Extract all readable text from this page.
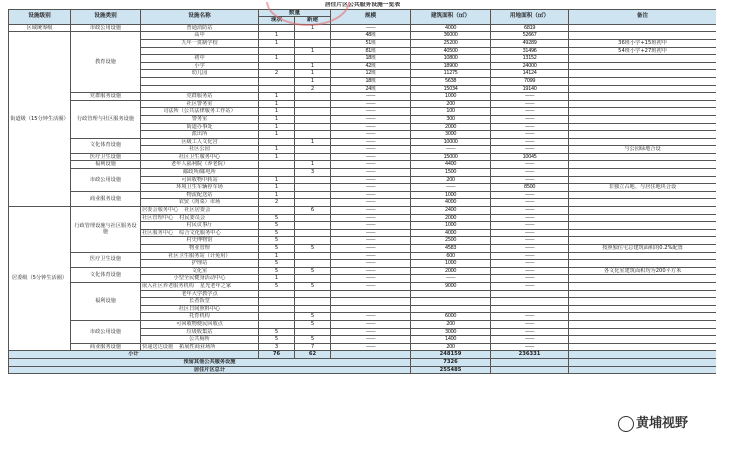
居住片区公共服务设施一览表								
设施级别	设施类别	设施名称	数量		规模	建筑面积（㎡）	用地面积（㎡）	备注
			现状	新建				
区域统筹级	市政公用设施	普通消防站		1	——	4000	6819	
街道级（15分钟生活圈）	教育设施	高中	1		48班	36000	52667	
		九年一贯制学校	1		51班	25200	49289	36班小学+15班初中
				1	81班	40500	31496	54班小学+27班初中
		初中	1		18班	10800	13152	
		小学		1	42班	18900	24000	
		幼儿园	2	1	12班	11275	14124	
				1	18班	5638	7099	
				2	24班	15034	19140	
	党群服务设施	党群服务站	1		——	1000	——	
	行政管理与社区服务设施	社区警务室	1		——	200	——	
		司法所（公共法律服务工作站）	1		——	100	——	
		警务室	1		——	300	——	
		街道办事处	1		——	2000	——	
		派出所	1		——	3000	——	
	文化体育设施	区级工人文化宫		1	——	10000	——	
		社区公园	1		——	——	——	与公园绿地合设
	医疗卫生设施	社区卫生服务中心	1		——	15000	10045	
	福利设施	老年人福利院（养老院）		1	——	4400	——	
	市政公用设施	邮政所/邮电所		3	——	1500	——	
		可回收物中转站	1		——	200	——	
		环境卫生车辆停车场	1		——	——	8500	非独立占地、与居住地块合设
	商业服务设施	物流配送站	1		——	1000	——	
		农贸（肉菜）市场	2		——	4000	——	
居委级（5分钟生活圈）	行政管理设施与社区服务设施	居委会服务中心 社区居委会		6	——	2400	——	
		社区管理中心 村民委员会	5		——	2000	——	
		村民议事厅	5		——	1000	——	
		社区服务中心 综合文化服务中心	5		——	4000	——	
		村史博物馆	5		——	2500	——	
		物业管理	5	5	——	4583	——	按照独住宅总建筑面积的0.2%配置
	医疗卫生设施	社区卫生服务站（计免用）	1		——	600	——	
		护理站	5		——	1000	——	
	文化体育设施	文化室	5	5	——	2000	——	各文化室建筑面积均为200平方米
		小型全民健身活动中心	1		——	——	——	
	福利设施	嵌入社区养老服务机构 星光老年之家	5	5	——	9000	——	
		老年大学教学点						
		长者饭堂						
		社区日间照料中心						
		托育机构		5	——	6000	——	
	市政公用设施	可回收物便民回收点		5	——	200	——	
		垃圾收集站	5		——	3000	——	
		公共厕所	5	5	——	1400	——	
	商业服务设施	快递送达设施 拓展性商业场所	3	7	——	200	——	
小计			76	62		248159	236331	
预留其他公共服务设施						7326		
居住片区总计						255485		
黄埔视野
